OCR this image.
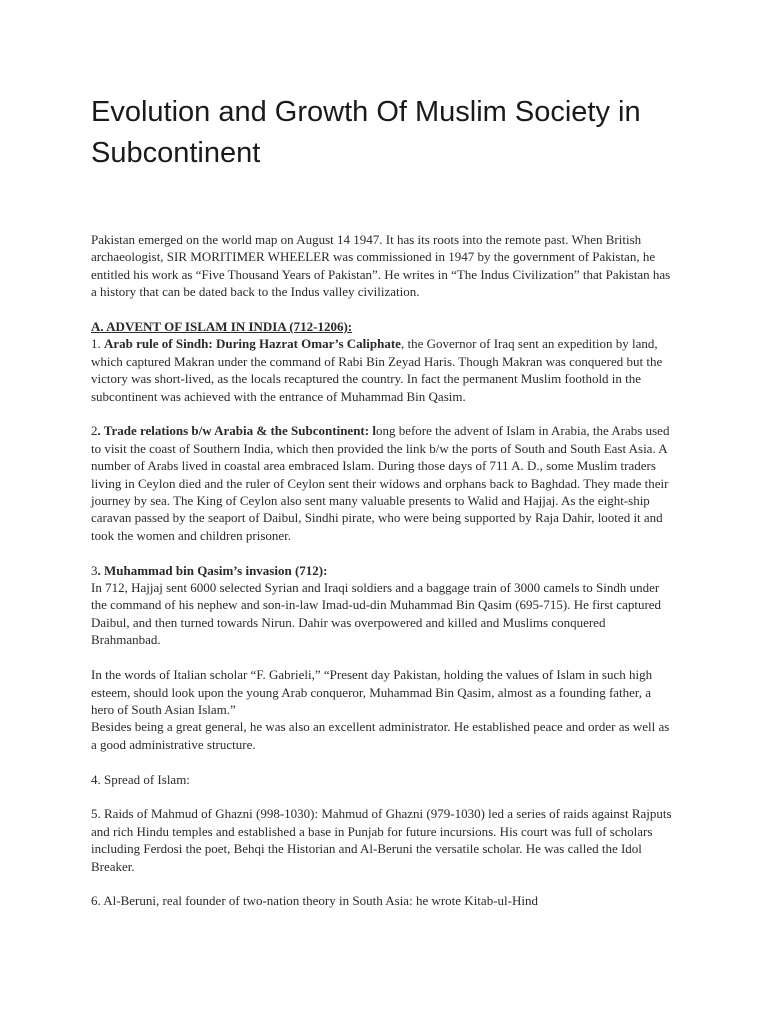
Evolution and Growth Of Muslim Society in Subcontinent

Pakistan emerged on the world map on August 14 1947. It has its roots into the remote past. When British archaeologist, SIR MORITIMER WHEELER was commissioned in 1947 by the government of Pakistan, he entitled his work as “Five Thousand Years of Pakistan”. He writes in “The Indus Civilization” that Pakistan has a history that can be dated back to the Indus valley civilization.

A. ADVENT OF ISLAM IN INDIA (712-1206):

1. Arab rule of Sindh: During Hazrat Omar’s Caliphate, the Governor of Iraq sent an expedition by land, which captured Makran under the command of Rabi Bin Zeyad Haris. Though Makran was conquered but the victory was short-lived, as the locals recaptured the country. In fact the permanent Muslim foothold in the subcontinent was achieved with the entrance of Muhammad Bin Qasim.

2. Trade relations b/w Arabia & the Subcontinent: long before the advent of Islam in Arabia, the Arabs used to visit the coast of Southern India, which then provided the link b/w the ports of South and South East Asia. A number of Arabs lived in coastal area embraced Islam. During those days of 711 A. D., some Muslim traders living in Ceylon died and the ruler of Ceylon sent their widows and orphans back to Baghdad. They made their journey by sea. The King of Ceylon also sent many valuable presents to Walid and Hajjaj. As the eight-ship caravan passed by the seaport of Daibul, Sindhi pirate, who were being supported by Raja Dahir, looted it and took the women and children prisoner.

3. Muhammad bin Qasim’s invasion (712):

In 712, Hajjaj sent 6000 selected Syrian and Iraqi soldiers and a baggage train of 3000 camels to Sindh under the command of his nephew and son-in-law Imad-ud-din Muhammad Bin Qasim (695-715). He first captured Daibul, and then turned towards Nirun. Dahir was overpowered and killed and Muslims conquered Brahmanbad.

In the words of Italian scholar “F. Gabrieli,” “Present day Pakistan, holding the values of Islam in such high esteem, should look upon the young Arab conqueror, Muhammad Bin Qasim, almost as a founding father, a hero of South Asian Islam.”

Besides being a great general, he was also an excellent administrator. He established peace and order as well as a good administrative structure.

4. Spread of Islam:

5. Raids of Mahmud of Ghazni (998-1030): Mahmud of Ghazni (979-1030) led a series of raids against Rajputs and rich Hindu temples and established a base in Punjab for future incursions. His court was full of scholars including Ferdosi the poet, Behqi the Historian and Al-Beruni the versatile scholar. He was called the Idol Breaker.

6. Al-Beruni, real founder of two-nation theory in South Asia: he wrote Kitab-ul-Hind
